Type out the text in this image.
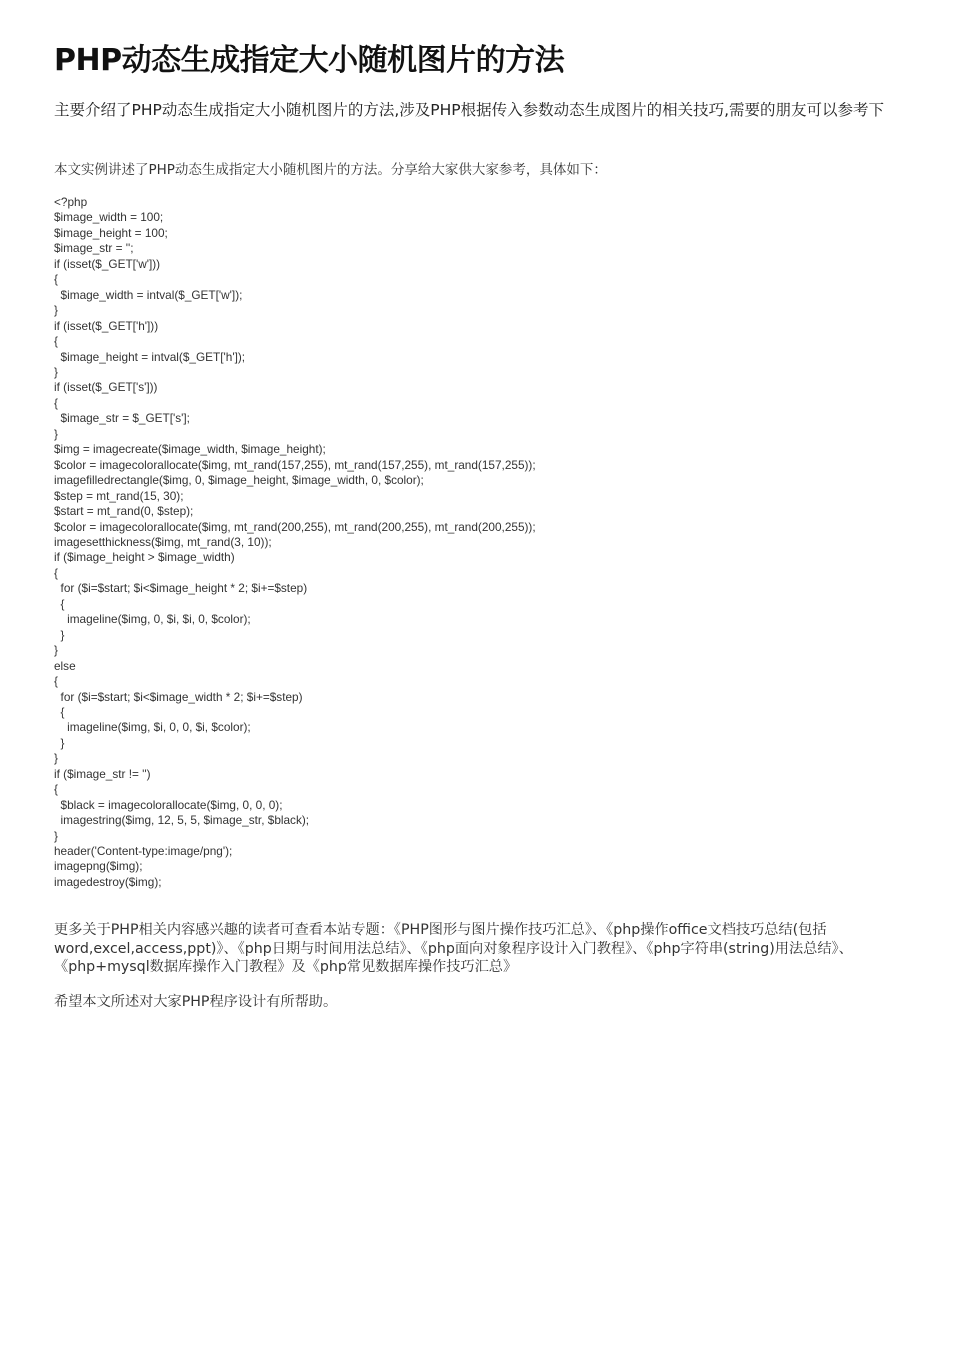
PHP动态生成指定大小随机图片的方法

主要介绍了PHP动态生成指定大小随机图片的方法,涉及PHP根据传入参数动态生成图片的相关技巧,需要的朋友可以参考下

本文实例讲述了PHP动态生成指定大小随机图片的方法。分享给大家供大家参考，具体如下：

<?php
$image_width = 100;
$image_height = 100;
$image_str = '';
if (isset($_GET['w']))
{
$image_width = intval($_GET['w']);
}
if (isset($_GET['h']))
{
$image_height = intval($_GET['h']);
}
if (isset($_GET['s']))
{
$image_str = $_GET['s'];
}
$img = imagecreate($image_width, $image_height);
$color = imagecolorallocate($img, mt_rand(157,255), mt_rand(157,255), mt_rand(157,255));
imagefilledrectangle($img, 0, $image_height, $image_width, 0, $color);
$step = mt_rand(15, 30);
$start = mt_rand(0, $step);
$color = imagecolorallocate($img, mt_rand(200,255), mt_rand(200,255), mt_rand(200,255));
imagesetthickness($img, mt_rand(3, 10));
if ($image_height > $image_width)
{
for ($i=$start; $i<$image_height * 2; $i+=$step)
{
imageline($img, 0, $i, $i, 0, $color);
}
}
else
{
for ($i=$start; $i<$image_width * 2; $i+=$step)
{
imageline($img, $i, 0, 0, $i, $color);
}
}
if ($image_str != '')
{
$black = imagecolorallocate($img, 0, 0, 0);
imagestring($img, 12, 5, 5, $image_str, $black);
}
header('Content-type:image/png');
imagepng($img);
imagedestroy($img);

更多关于PHP相关内容感兴趣的读者可查看本站专题：《PHP图形与图片操作技巧汇总》、《php操作office文档技巧总结(包括word,excel,access,ppt)》、《php日期与时间用法总结》、《php面向对象程序设计入门教程》、《php字符串(string)用法总结》、《php+mysql数据库操作入门教程》及《php常见数据库操作技巧汇总》

希望本文所述对大家PHP程序设计有所帮助。
